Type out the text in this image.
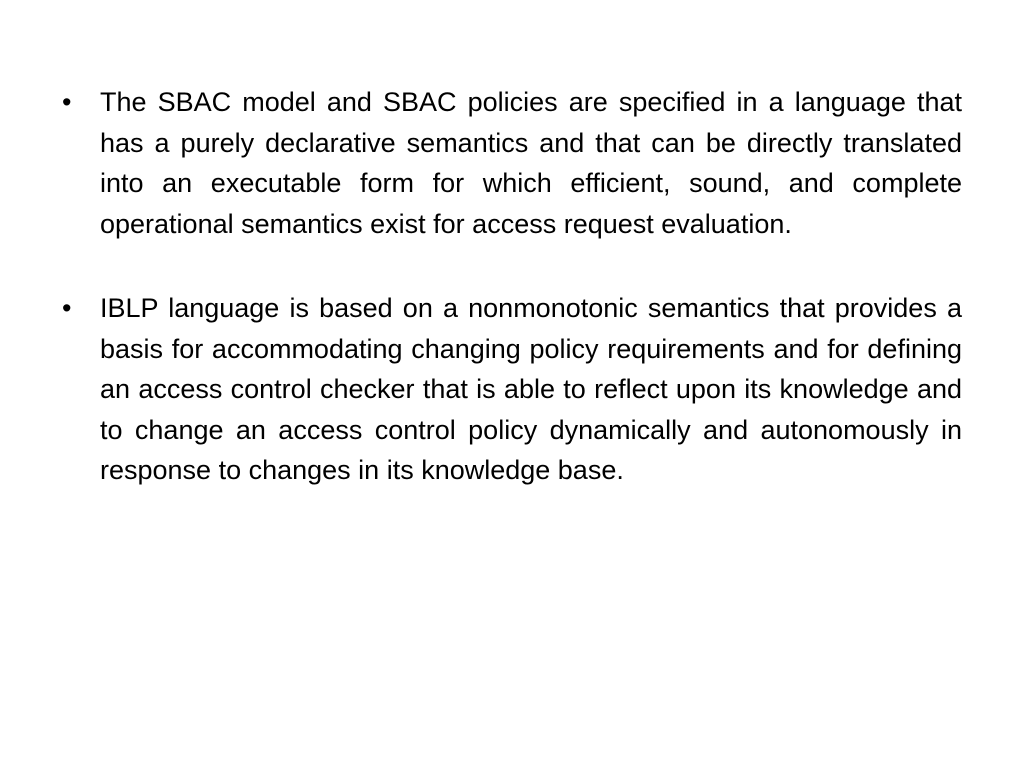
•	The SBAC model and SBAC policies are specified in a language that has a purely declarative semantics and that can be directly translated into an executable form for which efficient, sound, and complete operational semantics exist for access request evaluation.
•	IBLP language is based on a nonmonotonic semantics that provides a basis for accommodating changing policy requirements and for defining an access control checker that is able to reflect upon its knowledge and to change an access control policy dynamically and autonomously in response to changes in its knowledge base.
